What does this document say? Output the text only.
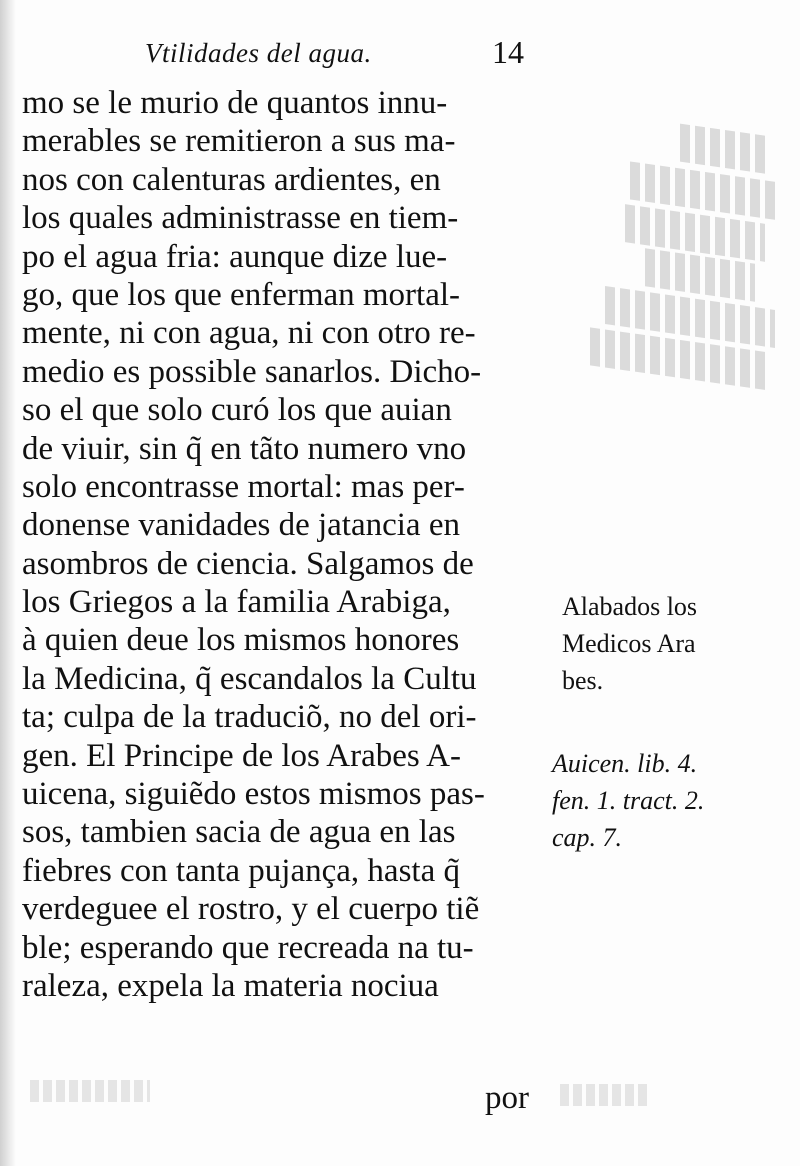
Vtilidades del agua.	14
mo se le murio de quantos innu-
merables se remitieron a sus ma-
nos con calenturas ardientes, en
los quales administrasse en tiem-
po el agua fria: aunque dize lue-
go, que los que enferman mortal-
mente, ni con agua, ni con otro re-
medio es possible sanarlos. Dicho-
so el que solo curó los que auian
de viuir, sin q̃ en tãto numero vno
solo encontrasse mortal: mas per-
donense vanidades de jatancia en
asombros de ciencia. Salgamos de
los Griegos a la familia Arabiga,
à quien deue los mismos honores
la Medicina, q̃ escandalos la Cultu
ta; culpa de la traduciõ, no del ori-
gen. El Principe de los Arabes A-
uicena, siguiẽdo estos mismos pas-
sos, tambien sacia de agua en las
fiebres con tanta pujança, hasta q̃
verdeguee el rostro, y el cuerpo tiẽ
ble; esperando que recreada na tu-
raleza, expela la materia nociua
por
Alabados los
Medicos Ara
bes.
Auicen. lib. 4.
fen. 1. tract. 2.
cap. 7.
